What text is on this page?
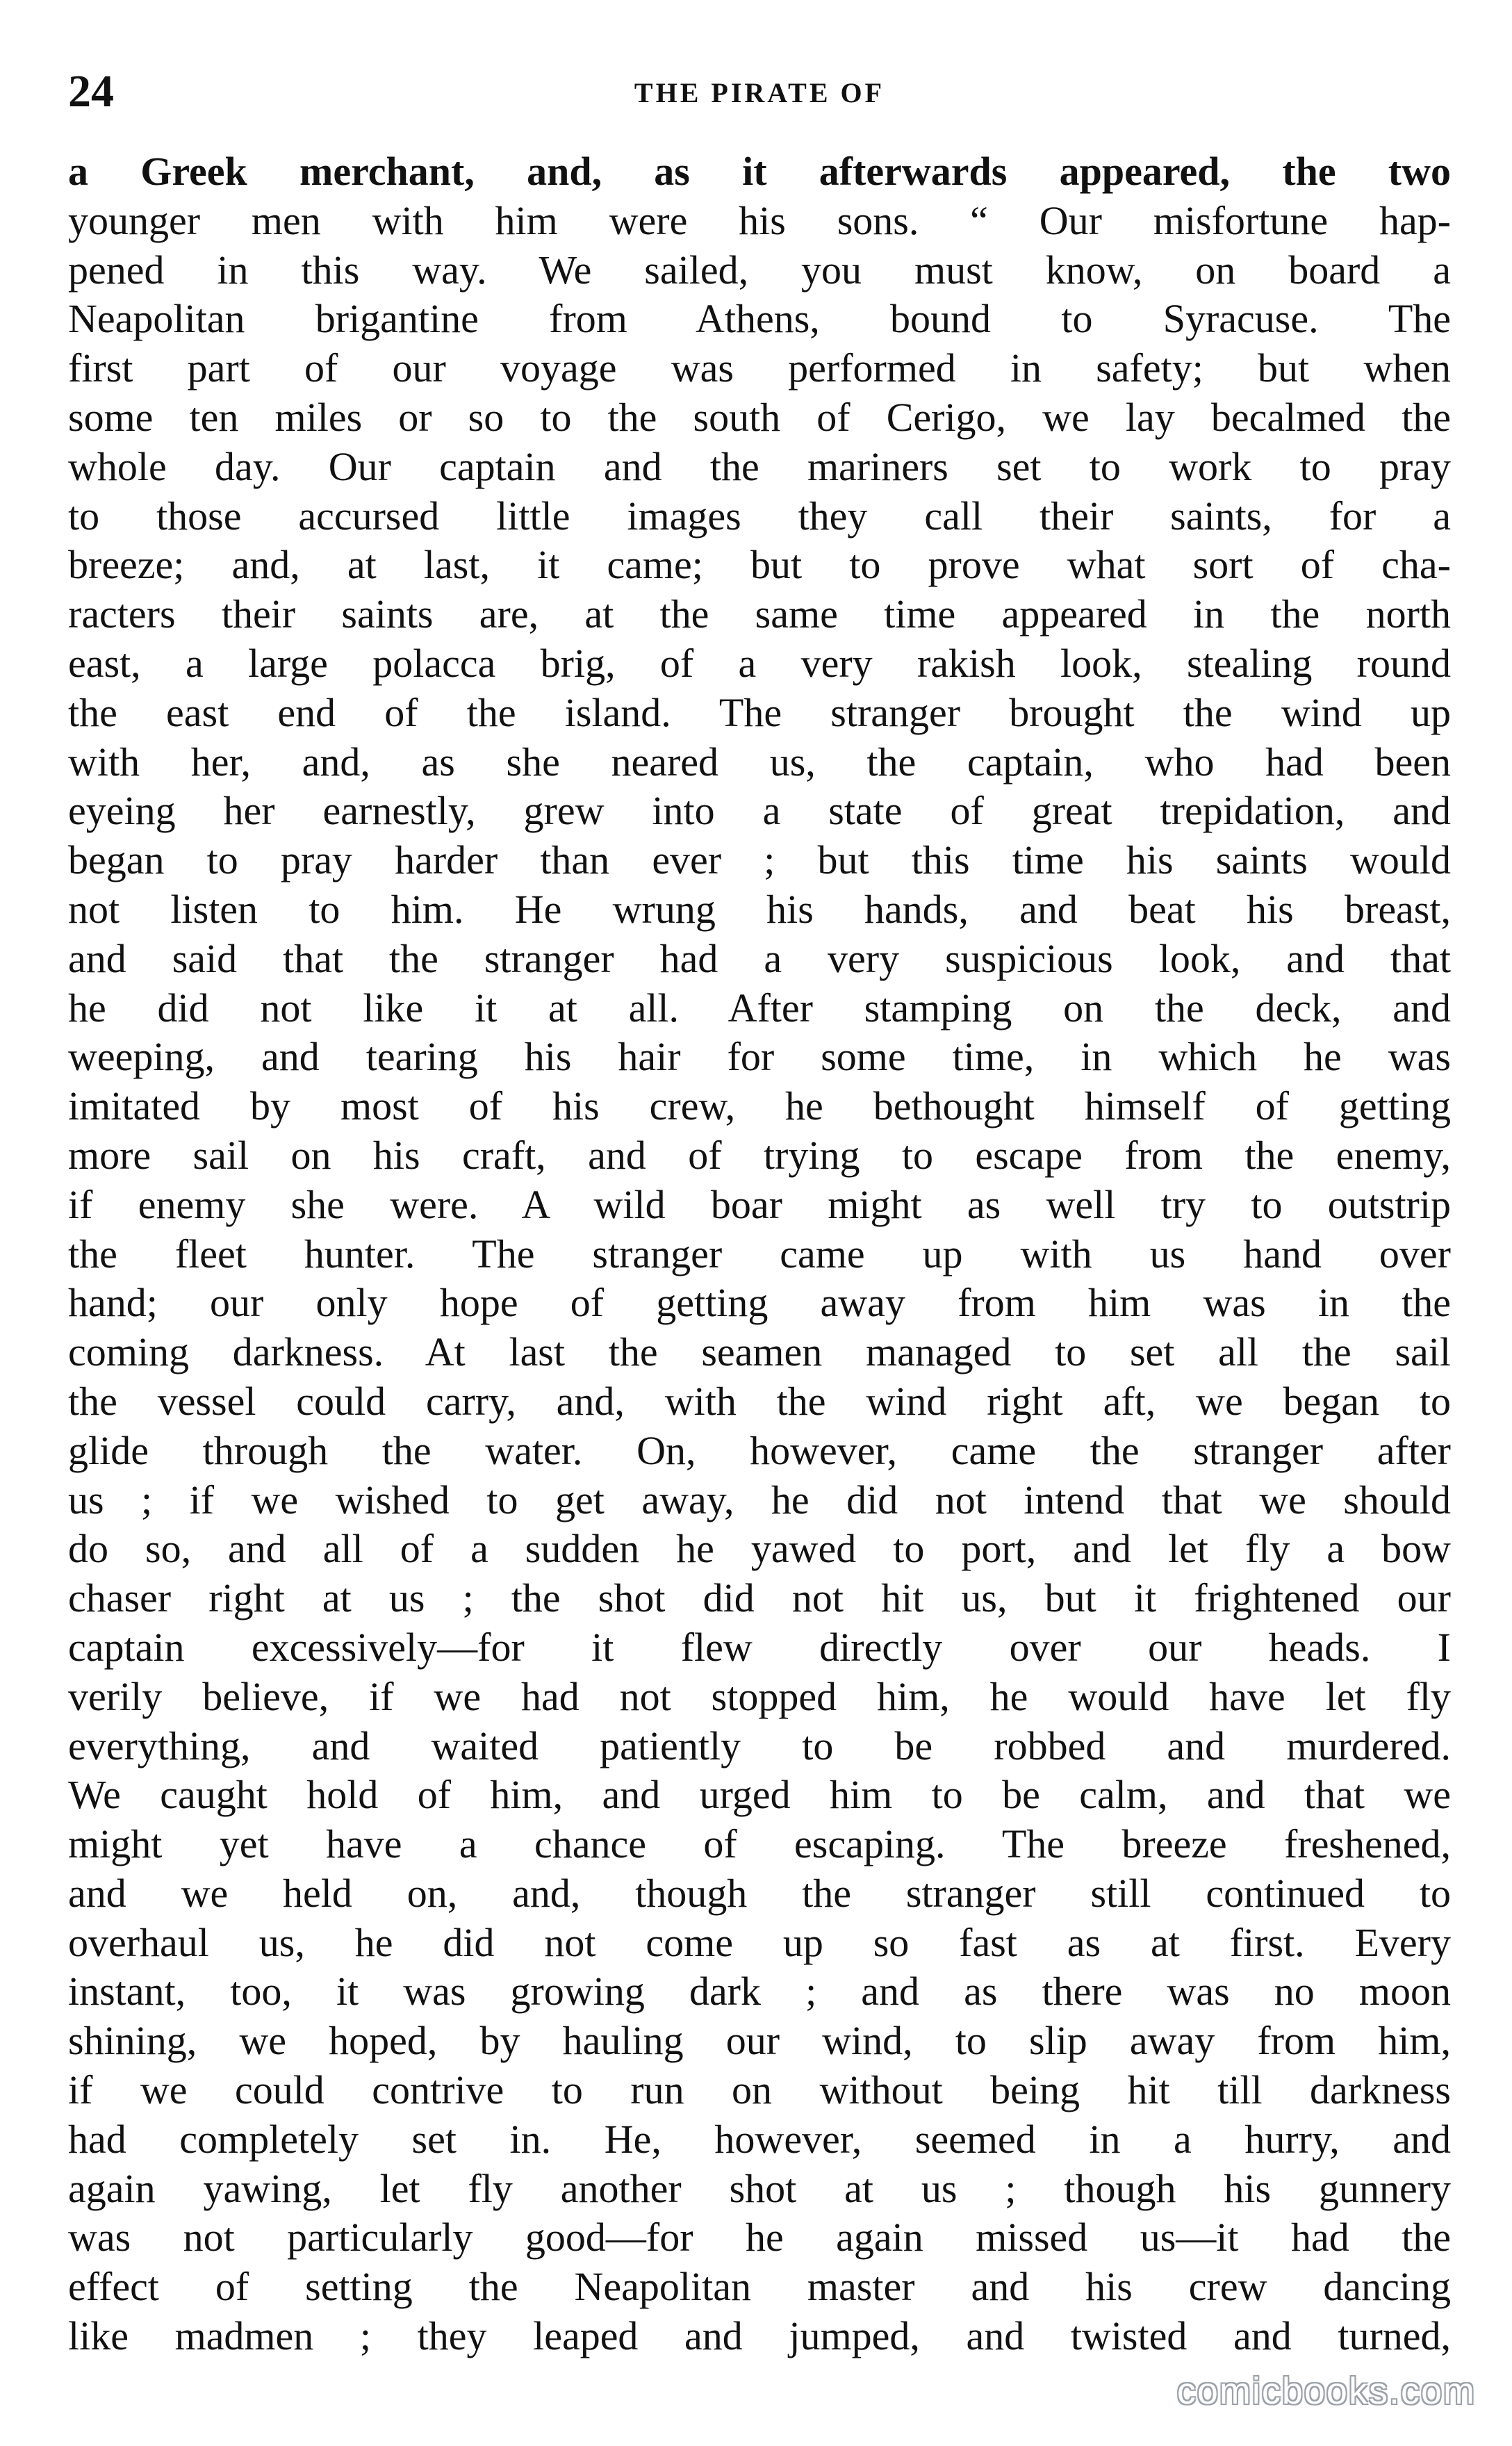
24	THE PIRATE OF
a Greek merchant, and, as it afterwards appeared, the two
younger men with him were his sons. “ Our misfortune hap-
pened in this way. We sailed, you must know, on board a
Neapolitan brigantine from Athens, bound to Syracuse. The
first part of our voyage was performed in safety; but when
some ten miles or so to the south of Cerigo, we lay becalmed the
whole day. Our captain and the mariners set to work to pray
to those accursed little images they call their saints, for a
breeze; and, at last, it came; but to prove what sort of cha-
racters their saints are, at the same time appeared in the north
east, a large polacca brig, of a very rakish look, stealing round
the east end of the island. The stranger brought the wind up
with her, and, as she neared us, the captain, who had been
eyeing her earnestly, grew into a state of great trepidation, and
began to pray harder than ever ; but this time his saints would
not listen to him. He wrung his hands, and beat his breast,
and said that the stranger had a very suspicious look, and that
he did not like it at all. After stamping on the deck, and
weeping, and tearing his hair for some time, in which he was
imitated by most of his crew, he bethought himself of getting
more sail on his craft, and of trying to escape from the enemy,
if enemy she were. A wild boar might as well try to outstrip
the fleet hunter. The stranger came up with us hand over
hand; our only hope of getting away from him was in the
coming darkness. At last the seamen managed to set all the sail
the vessel could carry, and, with the wind right aft, we began to
glide through the water. On, however, came the stranger after
us ; if we wished to get away, he did not intend that we should
do so, and all of a sudden he yawed to port, and let fly a bow
chaser right at us ; the shot did not hit us, but it frightened our
captain excessively—for it flew directly over our heads. I
verily believe, if we had not stopped him, he would have let fly
everything, and waited patiently to be robbed and murdered.
We caught hold of him, and urged him to be calm, and that we
might yet have a chance of escaping. The breeze freshened,
and we held on, and, though the stranger still continued to
overhaul us, he did not come up so fast as at first. Every
instant, too, it was growing dark ; and as there was no moon
shining, we hoped, by hauling our wind, to slip away from him,
if we could contrive to run on without being hit till darkness
had completely set in. He, however, seemed in a hurry, and
again yawing, let fly another shot at us ; though his gunnery
was not particularly good—for he again missed us—it had the
effect of setting the Neapolitan master and his crew dancing
like madmen ; they leaped and jumped, and twisted and turned,
comicbooks.com
